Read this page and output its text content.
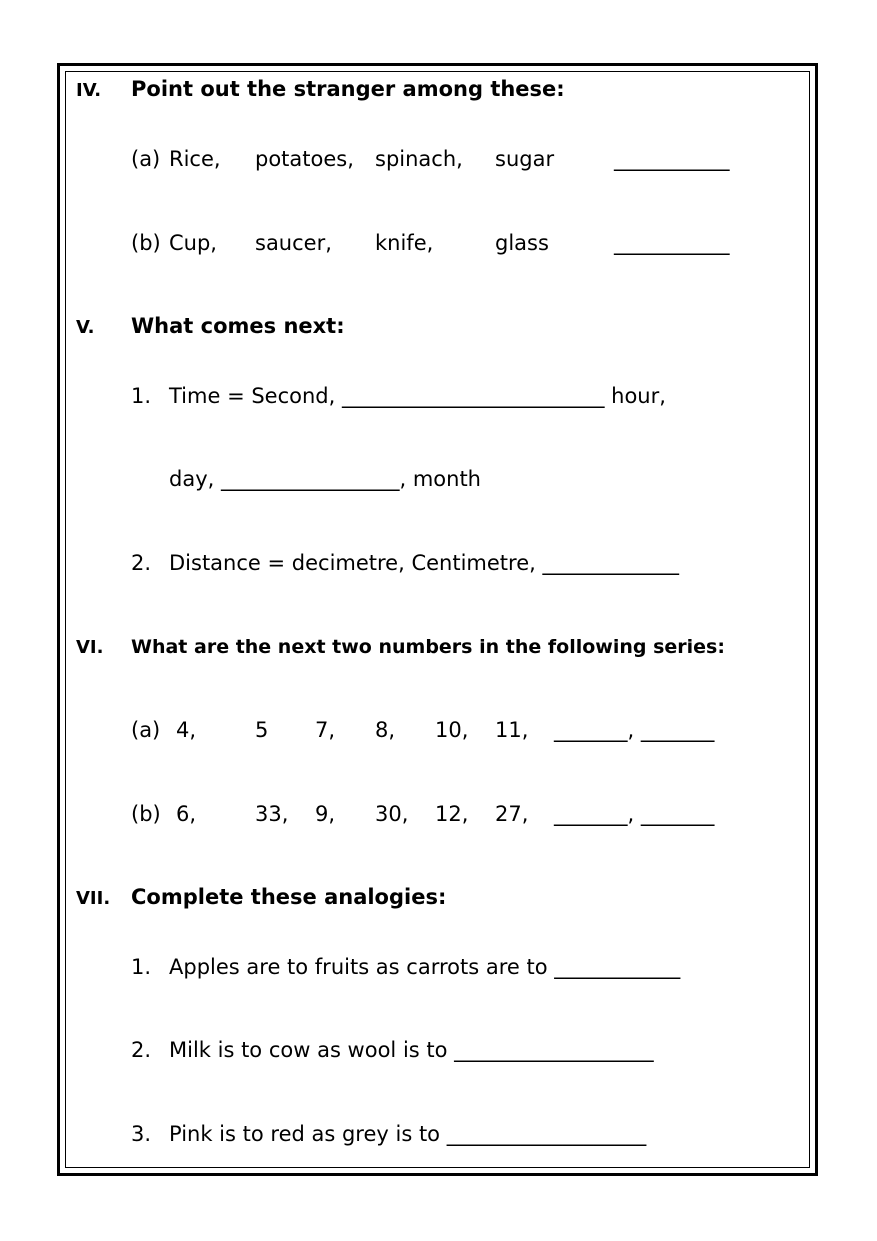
IV. Point out the stranger among these:
(a) Rice, potatoes, spinach, sugar	___________
(b) Cup, saucer, knife,	glass	___________
V. What comes next:
1. Time = Second, _________________________ hour,
day, _________________, month
2. Distance = decimetre, Centimetre, _____________
VI. What are the next two numbers in the following series:
(a) 4,	5 7, 8, 10, 11, _______, _______
(b) 6,	33, 9, 30, 12, 27, _______, _______
VII. Complete these analogies:
1. Apples are to fruits as carrots are to ____________
2. Milk is to cow as wool is to ___________________
3. Pink is to red as grey is to ___________________
